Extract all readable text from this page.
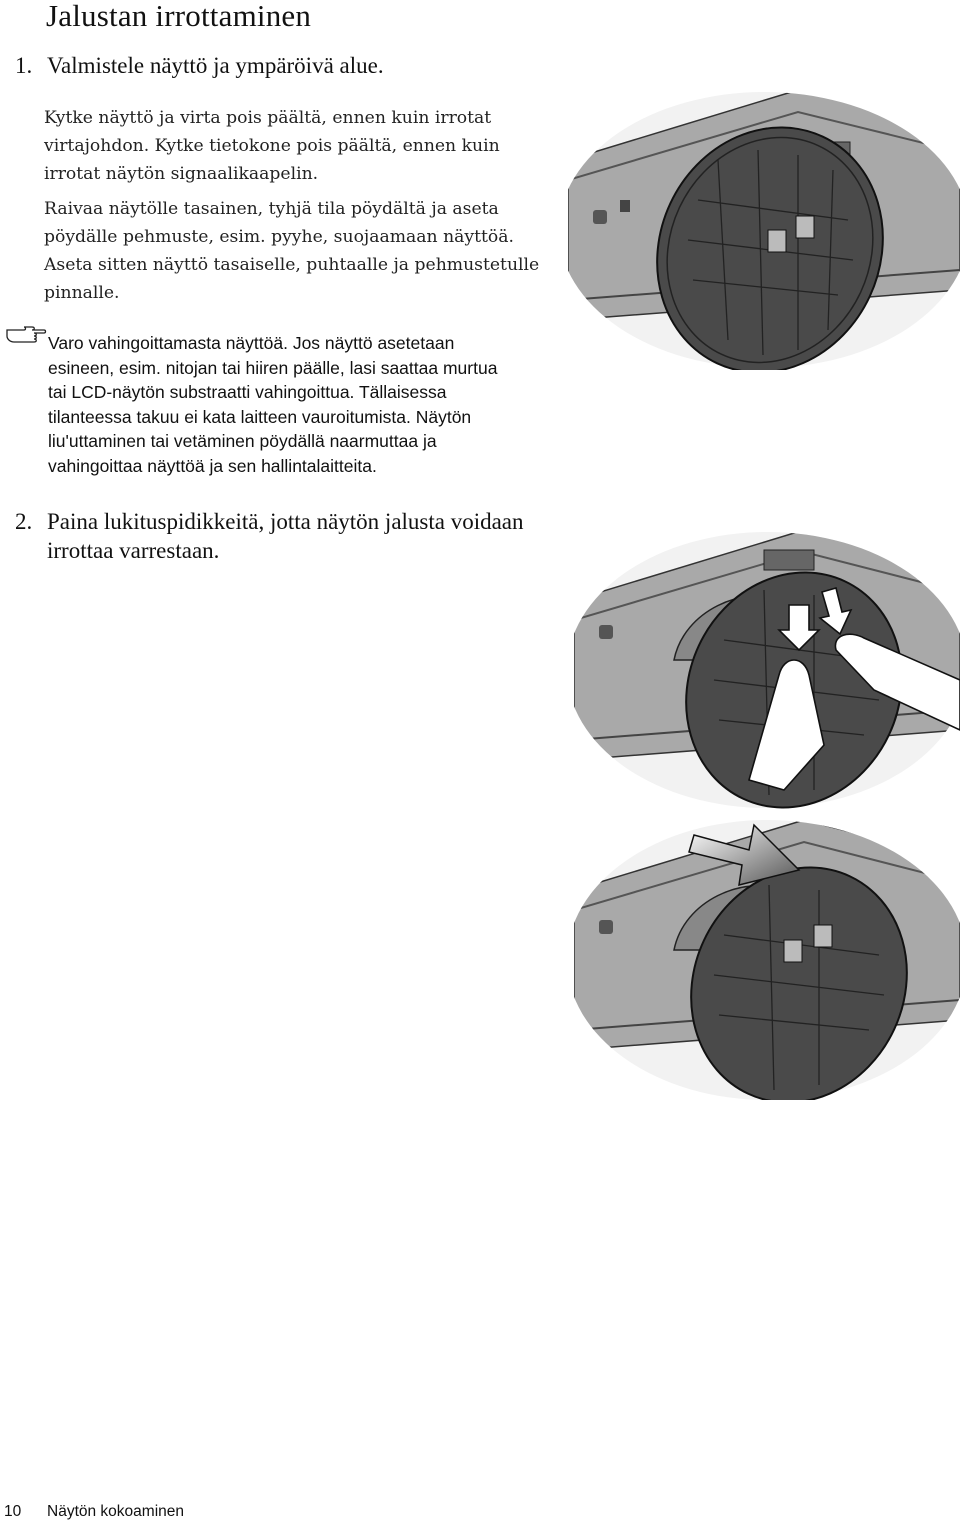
Jalustan irrottaminen
1. Valmistele näyttö ja ympäröivä alue.

Kytke näyttö ja virta pois päältä, ennen kuin irrotat

virtajohdon. Kytke tietokone pois päältä, ennen kuin

irrotat näytön signaalikaapelin.

Raivaa näytölle tasainen, tyhjä tila pöydältä ja aseta

pöydälle pehmuste, esim. pyyhe, suojaamaan näyttöä.

Aseta sitten näyttö tasaiselle, puhtaalle ja pehmustetulle

pinnalle.

Varo vahingoittamasta näyttöä. Jos näyttö asetetaan

esineen, esim. nitojan tai hiiren päälle, lasi saattaa murtua

tai LCD-näytön substraatti vahingoittua. Tällaisessa

tilanteessa takuu ei kata laitteen vauroitumista. Näytön

liu'uttaminen tai vetäminen pöydällä naarmuttaa ja

vahingoittaa näyttöä ja sen hallintalaitteita.

2. Paina lukituspidikkeitä, jotta näytön jalusta voidaan
irrottaa varrestaan.
10 Näytön kokoaminen
